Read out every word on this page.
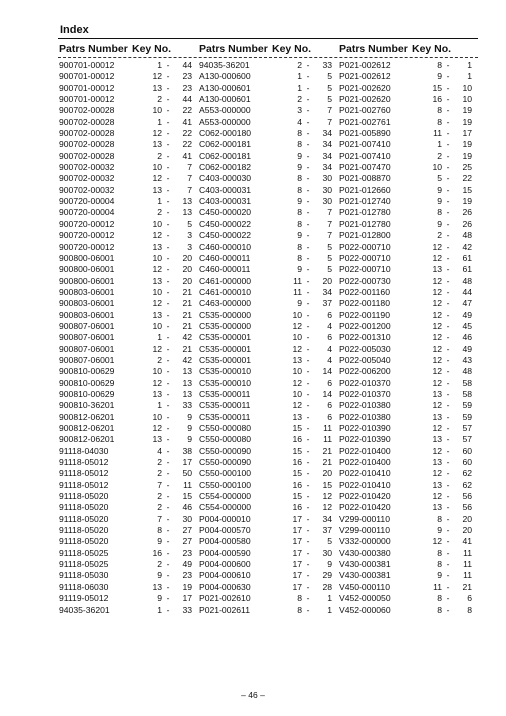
Index
Patrs Number Key No.
900701-00012	1 -	44
900701-00012	12 -	23
900701-00012	13 -	23
900701-00012	2 -	44
900702-00028	10 -	22
900702-00028	1 -	41
900702-00028	12 -	22
900702-00028	13 -	22
900702-00028	2 -	41
900702-00032	10 -	7
900702-00032	12 -	7
900702-00032	13 -	7
900720-00004	1 -	13
900720-00004	2 -	13
900720-00012	10 -	5
900720-00012	12 -	3
900720-00012	13 -	3
900800-06001	10 -	20
900800-06001	12 -	20
900800-06001	13 -	20
900803-06001	10 -	21
900803-06001	12 -	21
900803-06001	13 -	21
900807-06001	10 -	21
900807-06001	1 -	42
900807-06001	12 -	21
900807-06001	2 -	42
900810-00629	10 -	13
900810-00629	12 -	13
900810-00629	13 -	13
900810-36201	1 -	33
900812-06201	10 -	9
900812-06201	12 -	9
900812-06201	13 -	9
91118-04030	4 -	38
91118-05012	2 -	17
91118-05012	2 -	50
91118-05012	7 -	11
91118-05020	2 -	15
91118-05020	2 -	46
91118-05020	7 -	30
91118-05020	8 -	27
91118-05020	9 -	27
91118-05025	16 -	23
91118-05025	2 -	49
91118-05030	9 -	23
91118-06030	13 -	19
91119-05012	9 -	17
94035-36201	1 -	33
Patrs Number Key No.
94035-36201	2 -	33
A130-000600	1 -	5
A130-000601	1 -	5
A130-000601	2 -	5
A553-000000	3 -	7
A553-000000	4 -	7
C062-000180	8 -	34
C062-000181	8 -	34
C062-000181	9 -	34
C062-000182	9 -	34
C403-000030	8 -	30
C403-000031	8 -	30
C403-000031	9 -	30
C450-000020	8 -	7
C450-000022	8 -	7
C450-000022	9 -	7
C460-000010	8 -	5
C460-000011	8 -	5
C460-000011	9 -	5
C461-000000	11 -	20
C461-000010	11 -	34
C463-000000	9 -	37
C535-000000	10 -	6
C535-000000	12 -	4
C535-000001	10 -	6
C535-000001	12 -	4
C535-000001	13 -	4
C535-000010	10 -	14
C535-000010	12 -	6
C535-000011	10 -	14
C535-000011	12 -	6
C535-000011	13 -	6
C550-000080	15 -	11
C550-000080	16 -	11
C550-000090	15 -	21
C550-000090	16 -	21
C550-000100	15 -	20
C550-000100	16 -	15
C554-000000	15 -	12
C554-000000	16 -	12
P004-000010	17 -	34
P004-000570	17 -	37
P004-000580	17 -	5
P004-000590	17 -	30
P004-000600	17 -	9
P004-000610	17 -	29
P004-000630	17 -	28
P021-002610	8 -	1
P021-002611	8 -	1
Patrs Number Key No.
P021-002612	8 -	1
P021-002612	9 -	1
P021-002620	15 -	10
P021-002620	16 -	10
P021-002760	8 -	19
P021-002761	8 -	19
P021-005890	11 -	17
P021-007410	1 -	19
P021-007410	2 -	19
P021-007470	10 -	25
P021-008870	5 -	22
P021-012660	9 -	15
P021-012740	9 -	19
P021-012780	8 -	26
P021-012780	9 -	26
P021-012800	2 -	48
P022-000710	12 -	42
P022-000710	12 -	61
P022-000710	13 -	61
P022-000730	12 -	48
P022-001160	12 -	44
P022-001180	12 -	47
P022-001190	12 -	49
P022-001200	12 -	45
P022-001310	12 -	46
P022-005030	12 -	49
P022-005040	12 -	43
P022-006200	12 -	48
P022-010370	12 -	58
P022-010370	13 -	58
P022-010380	12 -	59
P022-010380	13 -	59
P022-010390	12 -	57
P022-010390	13 -	57
P022-010400	12 -	60
P022-010400	13 -	60
P022-010410	12 -	62
P022-010410	13 -	62
P022-010420	12 -	56
P022-010420	13 -	56
V299-000110	8 -	20
V299-000110	9 -	20
V332-000000	12 -	41
V430-000380	8 -	11
V430-000381	8 -	11
V430-000381	9 -	11
V450-000110	11 -	21
V452-000050	8 -	6
V452-000060	8 -	8
– 46 –
